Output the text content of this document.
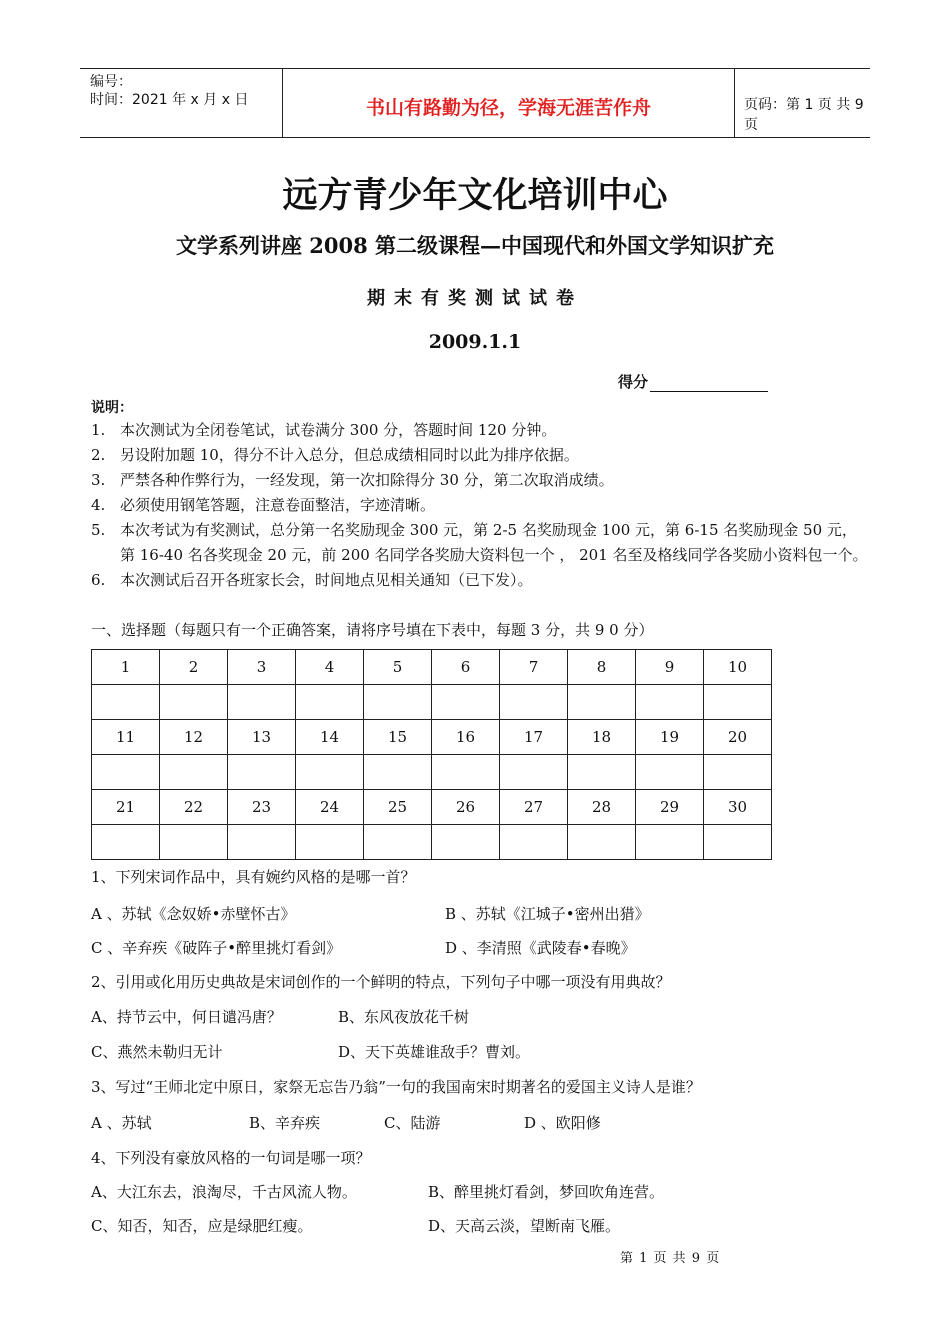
编号：
时间：2021 年 x 月 x 日	书山有路勤为径，学海无涯苦作舟	页码：第 1 页 共 9 页
远方青少年文化培训中心
文学系列讲座 2008 第二级课程—中国现代和外国文学知识扩充
期末有奖测试试卷
2009.1.1
得分
说明：
1. 本次测试为全闭卷笔试，试卷满分 300 分，答题时间 120 分钟。
2. 另设附加题 10，得分不计入总分，但总成绩相同时以此为排序依据。
3. 严禁各种作弊行为，一经发现，第一次扣除得分 30 分，第二次取消成绩。
4. 必须使用钢笔答题，注意卷面整洁，字迹清晰。
5. 本次考试为有奖测试，总分第一名奖励现金 300 元，第 2-5 名奖励现金 100 元，第 6-15 名奖励现金 50 元，第 16-40 名各奖现金 20 元，前 200 名同学各奖励大资料包一个 ， 201 名至及格线同学各奖励小资料包一个。
6. 本次测试后召开各班家长会，时间地点见相关通知（已下发）。
一、选择题（每题只有一个正确答案，请将序号填在下表中，每题 3 分，共 9 0 分）
1	2	3	4	5	6	7	8	9	10

11	12	13	14	15	16	17	18	19	20

21	22	23	24	25	26	27	28	29	30

1、下列宋词作品中，具有婉约风格的是哪一首？
A 、苏轼《念奴娇•赤壁怀古》	B 、苏轼《江城子•密州出猎》
C 、辛弃疾《破阵子•醉里挑灯看剑》	D 、李清照《武陵春•春晚》
2、引用或化用历史典故是宋词创作的一个鲜明的特点，下列句子中哪一项没有用典故？
A、持节云中，何日谴冯唐？	B、东风夜放花千树
C、燕然未勒归无计	D、天下英雄谁敌手？曹刘。
3、写过“王师北定中原日，家祭无忘告乃翁”一句的我国南宋时期著名的爱国主义诗人是谁？
A 、苏轼	B、辛弃疾	C、陆游	D 、欧阳修
4、下列没有豪放风格的一句词是哪一项？
A、大江东去，浪淘尽，千古风流人物。	B、醉里挑灯看剑，梦回吹角连营。
C、知否，知否，应是绿肥红瘦。	D、天高云淡，望断南飞雁。
第 1 页 共 9 页
